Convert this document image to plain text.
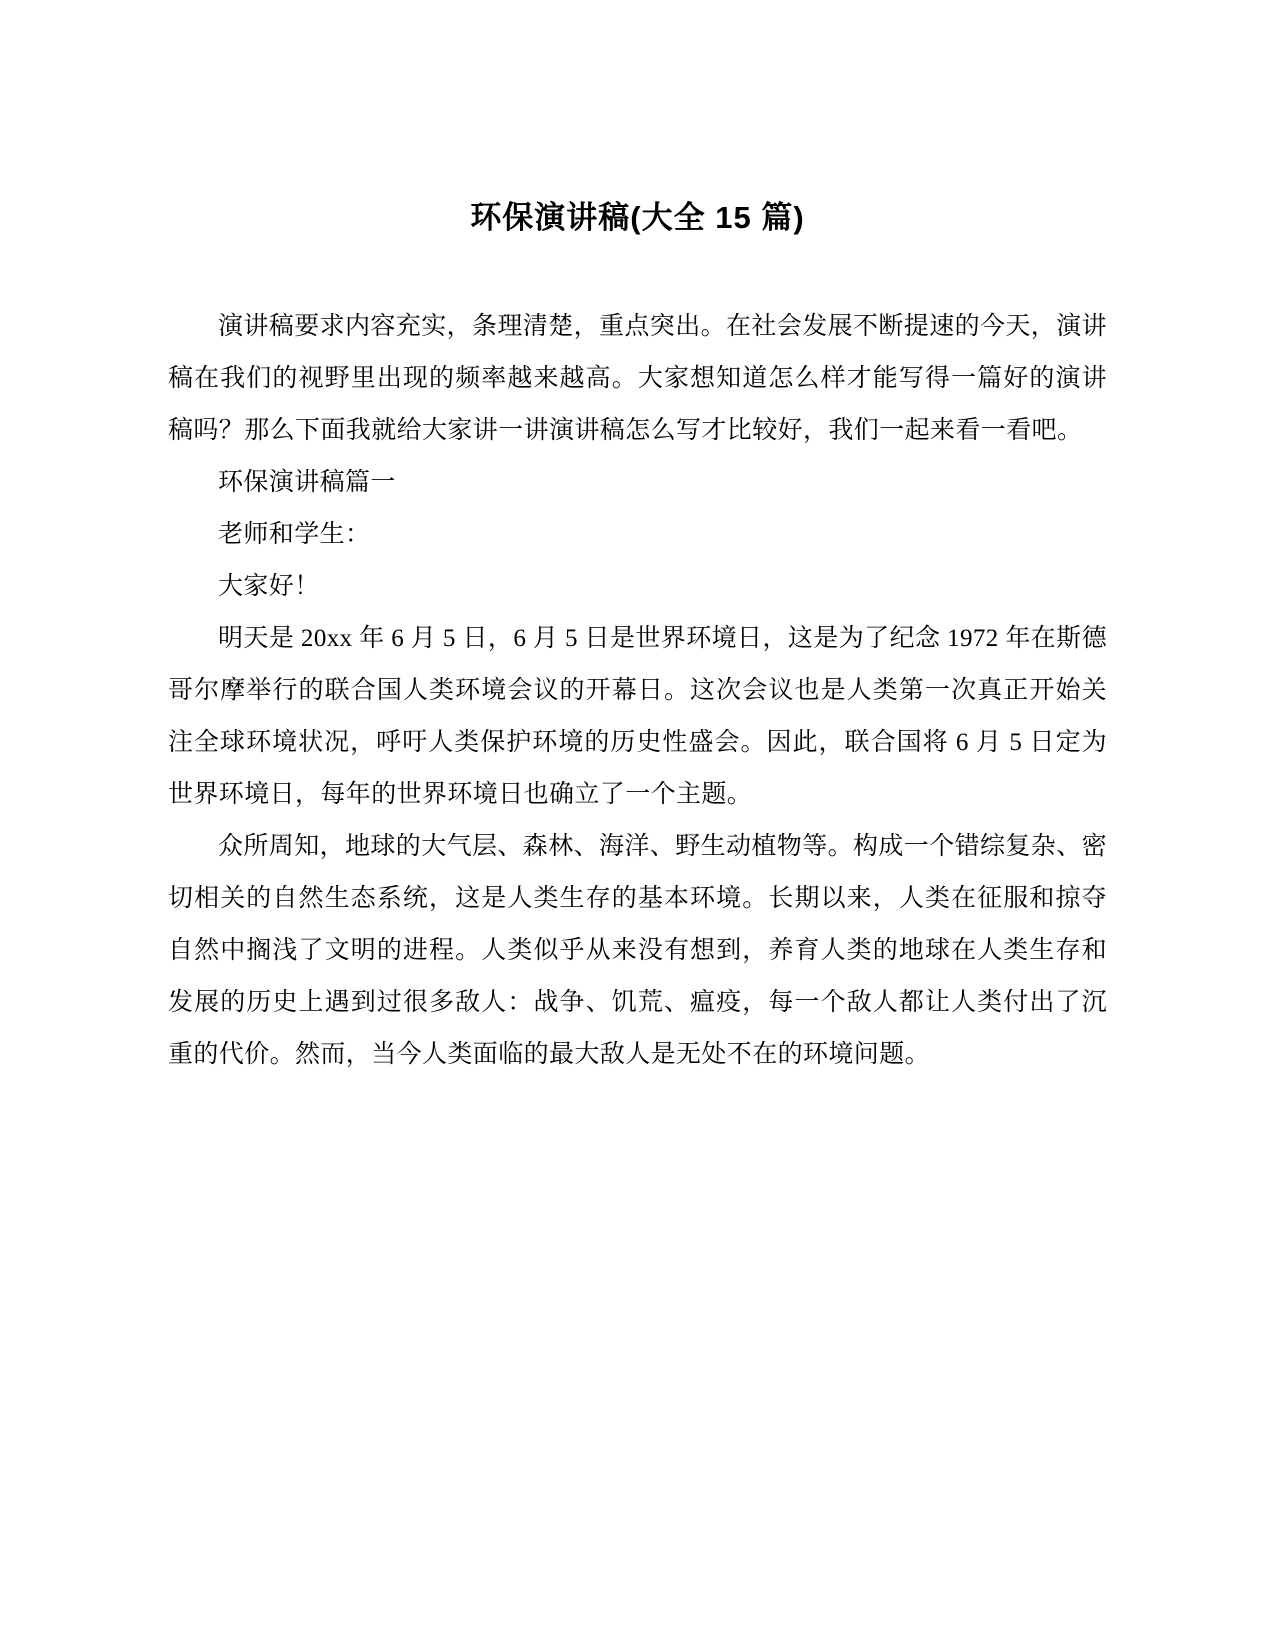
环保演讲稿(大全 15 篇)

演讲稿要求内容充实，条理清楚，重点突出。在社会发展不断提速的今天，演讲稿在我们的视野里出现的频率越来越高。大家想知道怎么样才能写得一篇好的演讲稿吗？那么下面我就给大家讲一讲演讲稿怎么写才比较好，我们一起来看一看吧。

环保演讲稿篇一

老师和学生：

大家好！

明天是 20xx 年 6 月 5 日，6 月 5 日是世界环境日，这是为了纪念 1972 年在斯德哥尔摩举行的联合国人类环境会议的开幕日。这次会议也是人类第一次真正开始关注全球环境状况，呼吁人类保护环境的历史性盛会。因此，联合国将 6 月 5 日定为世界环境日，每年的世界环境日也确立了一个主题。

众所周知，地球的大气层、森林、海洋、野生动植物等。构成一个错综复杂、密切相关的自然生态系统，这是人类生存的基本环境。长期以来，人类在征服和掠夺自然中搁浅了文明的进程。人类似乎从来没有想到，养育人类的地球在人类生存和发展的历史上遇到过很多敌人：战争、饥荒、瘟疫，每一个敌人都让人类付出了沉重的代价。然而，当今人类面临的最大敌人是无处不在的环境问题。
